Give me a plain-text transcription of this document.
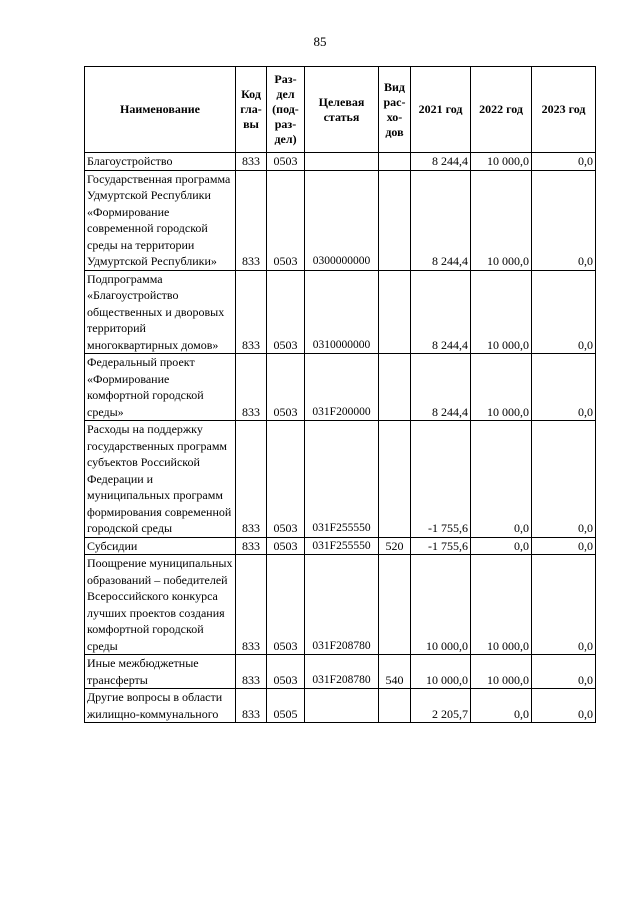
85
Наименование	Код гла-вы	Раз-дел (под-раз-дел)	Целевая статья	Вид рас-хо-дов	2021 год	2022 год	2023 год
Благоустройство	833	0503			8 244,4	10 000,0	0,0
Государственная программа Удмуртской Республики «Формирование современной городской среды на территории Удмуртской Республики»	833	0503	0300000000		8 244,4	10 000,0	0,0
Подпрограмма «Благоустройство общественных и дворовых территорий многоквартирных домов»	833	0503	0310000000		8 244,4	10 000,0	0,0
Федеральный проект «Формирование комфортной городской среды»	833	0503	031F200000		8 244,4	10 000,0	0,0
Расходы на поддержку государственных программ субъектов Российской Федерации и муниципальных программ формирования современной городской среды	833	0503	031F255550		-1 755,6	0,0	0,0
Субсидии	833	0503	031F255550	520	-1 755,6	0,0	0,0
Поощрение муниципальных образований – победителей Всероссийского конкурса лучших проектов создания комфортной городской среды	833	0503	031F208780		10 000,0	10 000,0	0,0
Иные межбюджетные трансферты	833	0503	031F208780	540	10 000,0	10 000,0	0,0
Другие вопросы в области жилищно-коммунального	833	0505			2 205,7	0,0	0,0
